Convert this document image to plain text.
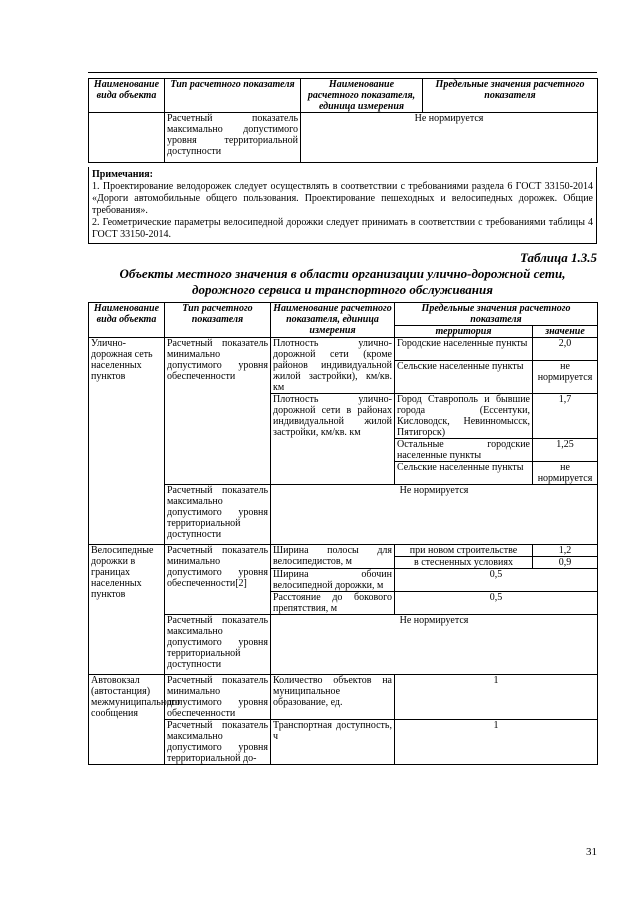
Наименование вида объекта	Тип расчетного показателя	Наименование расчетного показателя, единица измерения	Предельные значения расчетного показателя
	Расчетный показатель максимально допустимого уровня территориальной доступности	Не нормируется	
Примечания:
1. Проектирование велодорожек следует осуществлять в соответствии с требованиями раздела 6 ГОСТ 33150-2014 «Дороги автомобильные общего пользования. Проектирование пешеходных и велосипедных дорожек. Общие требования».
2. Геометрические параметры велосипедной дорожки следует принимать в соответствии с требованиями таблицы 4 ГОСТ 33150-2014.
Таблица 1.3.5
Объекты местного значения в области организации улично-дорожной сети, дорожного сервиса и транспортного обслуживания
Наименование вида объекта	Тип расчетного показателя	Наименование расчетного показателя, единица измерения	Предельные значения расчетного показателя	
			территория	значение
Улично-дорожная сеть населенных пунктов	Расчетный показатель минимально допустимого уровня обеспеченности	Плотность улично-дорожной сети (кроме районов индивидуальной жилой застройки), км/кв. км	Городские населенные пункты	2,0
			Сельские населенные пункты	не нормируется
		Плотность улично-дорожной сети в районах индивидуальной жилой застройки, км/кв. км	Город Ставрополь и бывшие города (Ессентуки, Кисловодск, Невинномысск, Пятигорск)	1,7
			Остальные городские населенные пункты	1,25
			Сельские населенные пункты	не нормируется
	Расчетный показатель максимально допустимого уровня территориальной доступности	Не нормируется		
Велосипедные дорожки в границах населенных пунктов	Расчетный показатель минимально допустимого уровня обеспеченности[2]	Ширина полосы для велосипедистов, м	при новом строительстве	1,2
			в стесненных условиях	0,9
		Ширина обочин велосипедной дорожки, м	0,5	
		Расстояние до бокового препятствия, м	0,5	
	Расчетный показатель максимально допустимого уровня территориальной доступности	Не нормируется		
Автовокзал (автостанция) межмуниципального сообщения	Расчетный показатель минимально допустимого уровня обеспеченности	Количество объектов на муниципальное образование, ед.	1	
	Расчетный показатель максимально допустимого уровня территориальной до-	Транспортная доступность, ч	1	
31
